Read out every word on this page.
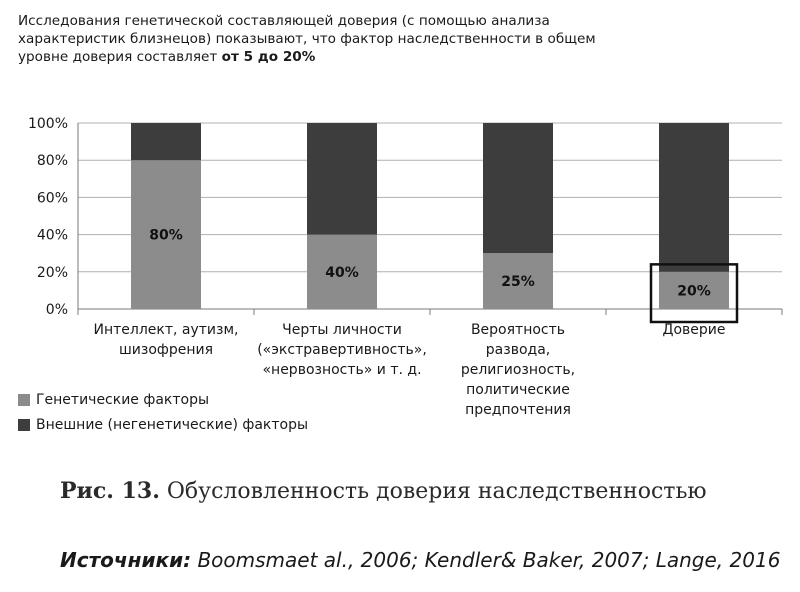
Исследования генетической составляющей доверия (с помощью анализа характеристик близнецов) показывают, что фактор наследственности в общем уровне доверия составляет от 5 до 20%
0%
20%
40%
60%
80%
100%
80%
Интеллект, аутизм, шизофрения
40%
Черты личности («экстравертивность», «нервозность» и т. д.
25%
Вероятность развода, религиозность, политические предпочтения
20%
Доверие
Генетические факторы
Внешние (негенетические) факторы
Рис. 13. Обусловленность доверия наследственностью
Источники: Boomsmaet al., 2006; Kendler& Baker, 2007; Lange, 2016
